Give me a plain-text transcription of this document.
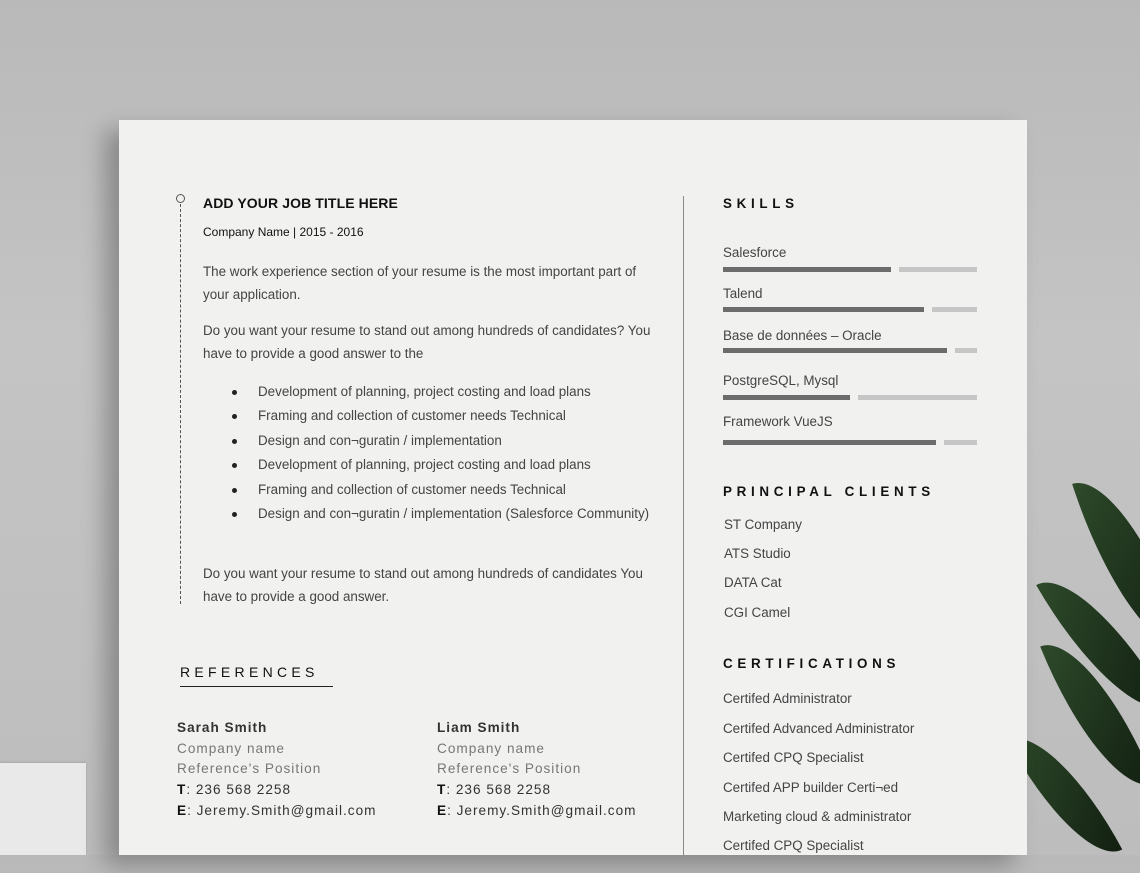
ADD YOUR JOB TITLE HERE
Company Name | 2015 - 2016
The work experience section of your resume is the most important part of your application.
Do you want your resume to stand out among hundreds of candidates? You have to provide a good answer to the
Development of planning, project costing and load plans
Framing and collection of customer needs Technical
Design and con¬guratin / implementation
Development of planning, project costing and load plans
Framing and collection of customer needs Technical
Design and con¬guratin / implementation (Salesforce Community)
Do you want your resume to stand out among hundreds of candidates You have to provide a good answer.
REFERENCES
Sarah Smith
Company name
Reference's Position
T: 236 568 2258
E: Jeremy.Smith@gmail.com
Liam Smith
Company name
Reference's Position
T: 236 568 2258
E: Jeremy.Smith@gmail.com
SKILLS
Salesforce
Talend
Base de données – Oracle
PostgreSQL, Mysql
Framework VueJS
PRINCIPAL CLIENTS
ST Company
ATS Studio
DATA Cat
CGI Camel
CERTIFICATIONS
Certifed Administrator
Certifed Advanced Administrator
Certifed CPQ Specialist
Certifed APP builder Certi¬ed
Marketing cloud & administrator
Certifed CPQ Specialist
